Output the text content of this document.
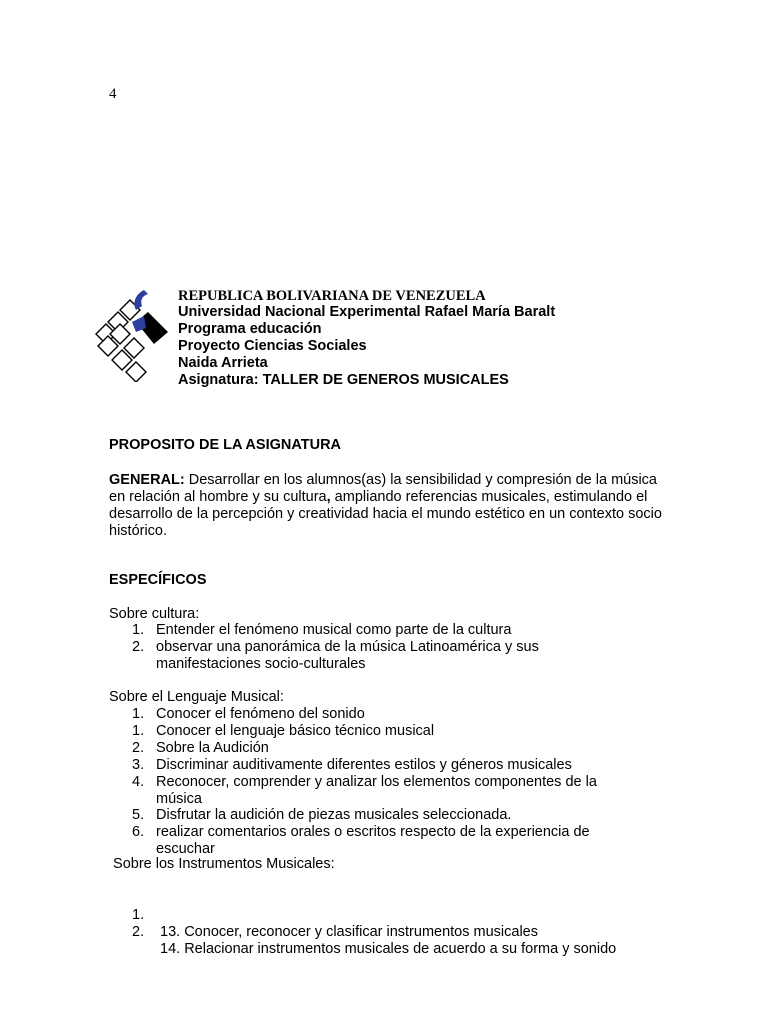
4
REPUBLICA BOLIVARIANA DE VENEZUELA
Universidad Nacional Experimental Rafael María Baralt
Programa educación
Proyecto Ciencias Sociales
Naida Arrieta
Asignatura: TALLER DE GENEROS MUSICALES
PROPOSITO DE LA ASIGNATURA
GENERAL: Desarrollar en los alumnos(as) la sensibilidad y compresión de la música en relación al hombre y su cultura, ampliando referencias musicales, estimulando el desarrollo de la percepción y creatividad hacia el mundo estético en un contexto socio histórico.
ESPECÍFICOS
Sobre cultura:
1. Entender el fenómeno musical como parte de la cultura
2. observar una panorámica de la música Latinoamérica y sus
manifestaciones socio-culturales
Sobre el Lenguaje Musical:
1. Conocer el fenómeno del sonido
1. Conocer el lenguaje básico técnico musical
2. Sobre la Audición
3. Discriminar auditivamente diferentes estilos y géneros musicales
4. Reconocer, comprender y analizar los elementos componentes de la
música
5. Disfrutar la audición de piezas musicales seleccionada.
6. realizar comentarios orales o escritos respecto de la experiencia de
escuchar
Sobre los Instrumentos Musicales:

1.

13. Conocer, reconocer y clasificar instrumentos musicales

2.

14. Relacionar instrumentos musicales de acuerdo a su forma y sonido
